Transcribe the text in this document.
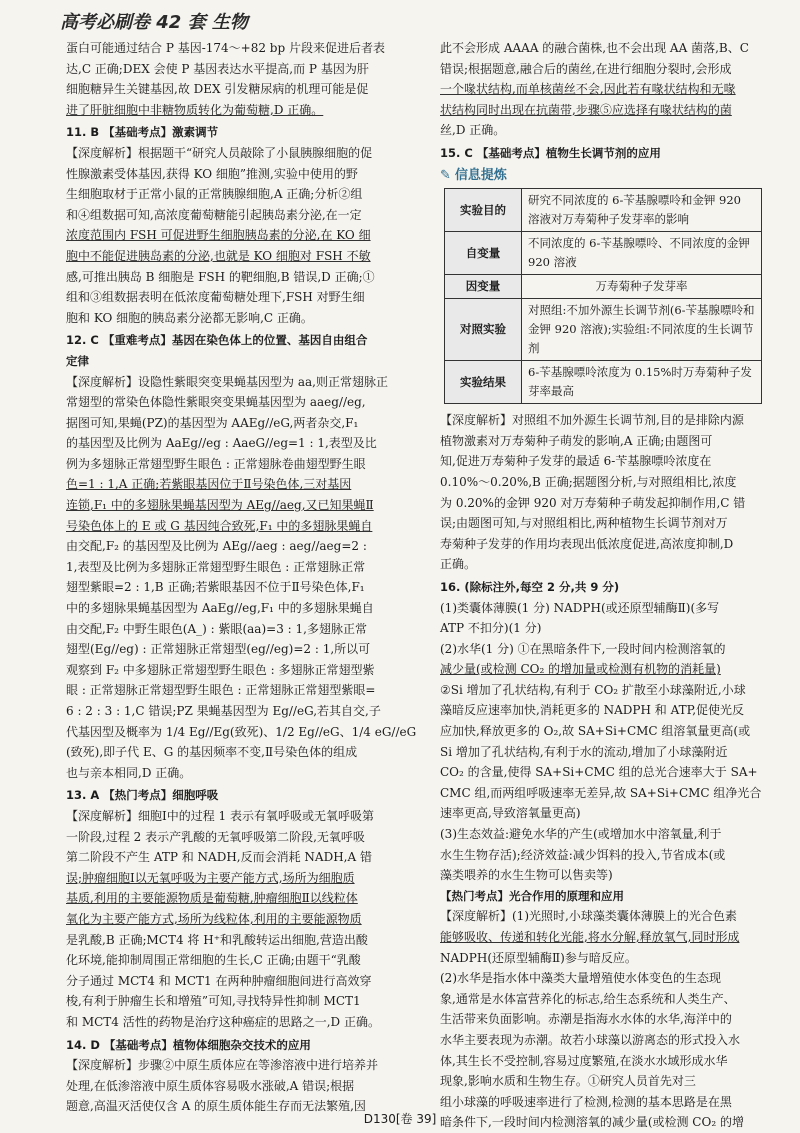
高考必刷卷 42 套 生物

蛋白可能通过结合 P 基因-174～+82 bp 片段来促进后者表

达,C 正确;DEX 会使 P 基因表达水平提高,而 P 基因为肝

细胞糖异生关键基因,故 DEX 引发糖尿病的机理可能是促

进了肝脏细胞中非糖物质转化为葡萄糖,D 正确。

11. B 【基础考点】激素调节

【深度解析】根据题干“研究人员敲除了小鼠胰腺细胞的促

性腺激素受体基因,获得 KO 细胞”推测,实验中使用的野

生细胞取材于正常小鼠的正常胰腺细胞,A 正确;分析②组

和④组数据可知,高浓度葡萄糖能引起胰岛素分泌,在一定

浓度范围内 FSH 可促进野生细胞胰岛素的分泌,在 KO 细

胞中不能促进胰岛素的分泌,也就是 KO 细胞对 FSH 不敏

感,可推出胰岛 B 细胞是 FSH 的靶细胞,B 错误,D 正确;①

组和③组数据表明在低浓度葡萄糖处理下,FSH 对野生细

胞和 KO 细胞的胰岛素分泌都无影响,C 正确。

12. C 【重难考点】基因在染色体上的位置、基因自由组合

定律

【深度解析】设隐性紫眼突变果蝇基因型为 aa,则正常翅脉正

常翅型的常染色体隐性紫眼突变果蝇基因型为 aaeg//eg,

据图可知,果蝇(PZ)的基因型为 AAEg//eG,两者杂交,F₁

的基因型及比例为 AaEg//eg : AaeG//eg=1 : 1,表型及比

例为多翅脉正常翅型野生眼色 : 正常翅脉卷曲翅型野生眼

色=1 : 1,A 正确;若紫眼基因位于Ⅱ号染色体,三对基因

连锁,F₁ 中的多翅脉果蝇基因型为 AEg//aeg,又已知果蝇Ⅱ

号染色体上的 E 或 G 基因纯合致死,F₁ 中的多翅脉果蝇自

由交配,F₂ 的基因型及比例为 AEg//aeg : aeg//aeg=2 :

1,表型及比例为多翅脉正常翅型野生眼色 : 正常翅脉正常

翅型紫眼=2 : 1,B 正确;若紫眼基因不位于Ⅱ号染色体,F₁

中的多翅脉果蝇基因型为 AaEg//eg,F₁ 中的多翅脉果蝇自

由交配,F₂ 中野生眼色(A_) : 紫眼(aa)=3 : 1,多翅脉正常

翅型(Eg//eg) : 正常翅脉正常翅型(eg//eg)=2 : 1,所以可

观察到 F₂ 中多翅脉正常翅型野生眼色 : 多翅脉正常翅型紫

眼 : 正常翅脉正常翅型野生眼色 : 正常翅脉正常翅型紫眼=

6 : 2 : 3 : 1,C 错误;PZ 果蝇基因型为 Eg//eG,若其自交,子

代基因型及概率为 1/4 Eg//Eg(致死)、1/2 Eg//eG、1/4 eG//eG

(致死),即子代 E、G 的基因频率不变,Ⅱ号染色体的组成

也与亲本相同,D 正确。

13. A 【热门考点】细胞呼吸

【深度解析】细胞Ⅰ中的过程 1 表示有氧呼吸或无氧呼吸第

一阶段,过程 2 表示产乳酸的无氧呼吸第二阶段,无氧呼吸

第二阶段不产生 ATP 和 NADH,反而会消耗 NADH,A 错

误;肿瘤细胞Ⅰ以无氧呼吸为主要产能方式,场所为细胞质

基质,利用的主要能源物质是葡萄糖,肿瘤细胞Ⅱ以线粒体

氧化为主要产能方式,场所为线粒体,利用的主要能源物质

是乳酸,B 正确;MCT4 将 H⁺和乳酸转运出细胞,营造出酸

化环境,能抑制周围正常细胞的生长,C 正确;由题干“乳酸

分子通过 MCT4 和 MCT1 在两种肿瘤细胞间进行高效穿

梭,有利于肿瘤生长和增殖”可知,寻找特异性抑制 MCT1

和 MCT4 活性的药物是治疗这种癌症的思路之一,D 正确。

14. D 【基础考点】植物体细胞杂交技术的应用

【深度解析】步骤②中原生质体应在等渗溶液中进行培养并

处理,在低渗溶液中原生质体容易吸水涨破,A 错误;根据

题意,高温灭活使仅含 A 的原生质体能生存而无法繁殖,因

此不会形成 AAAA 的融合菌株,也不会出现 AA 菌落,B、C

错误;根据题意,融合后的菌丝,在进行细胞分裂时,会形成

一个喙状结构,而单核菌丝不会,因此若有喙状结构和无喙

状结构同时出现在抗菌带,步骤⑤应选择有喙状结构的菌

丝,D 正确。

15. C 【基础考点】植物生长调节剂的应用

✎ 信息提炼
实验目的	研究不同浓度的 6-苄基腺嘌呤和金钾 920 溶液对万寿菊种子发芽率的影响
自变量	不同浓度的 6-苄基腺嘌呤、不同浓度的金钾 920 溶液
因变量	万寿菊种子发芽率
对照实验	对照组:不加外源生长调节剂(6-苄基腺嘌呤和金钾 920 溶液);实验组:不同浓度的生长调节剂
实验结果	6-苄基腺嘌呤浓度为 0.15%时万寿菊种子发芽率最高

【深度解析】对照组不加外源生长调节剂,目的是排除内源

植物激素对万寿菊种子萌发的影响,A 正确;由题图可

知,促进万寿菊种子发芽的最适 6-苄基腺嘌呤浓度在

0.10%～0.20%,B 正确;据题图分析,与对照组相比,浓度

为 0.20%的金钾 920 对万寿菊种子萌发起抑制作用,C 错

误;由题图可知,与对照组相比,两种植物生长调节剂对万

寿菊种子发芽的作用均表现出低浓度促进,高浓度抑制,D

正确。

16. (除标注外,每空 2 分,共 9 分)

(1)类囊体薄膜(1 分) NADPH(或还原型辅酶Ⅱ)(多写

ATP 不扣分)(1 分)

(2)水华(1 分) ①在黑暗条件下,一段时间内检测溶氧的

减少量(或检测 CO₂ 的增加量或检测有机物的消耗量)

②Si 增加了孔状结构,有利于 CO₂ 扩散至小球藻附近,小球

藻暗反应速率加快,消耗更多的 NADPH 和 ATP,促使光反

应加快,释放更多的 O₂,故 SA+Si+CMC 组溶氧量更高(或

Si 增加了孔状结构,有利于水的流动,增加了小球藻附近

CO₂ 的含量,使得 SA+Si+CMC 组的总光合速率大于 SA+

CMC 组,而两组呼吸速率无差异,故 SA+Si+CMC 组净光合

速率更高,导致溶氧量更高)

(3)生态效益:避免水华的产生(或增加水中溶氧量,利于

水生生物存活);经济效益:减少饵料的投入,节省成本(或

藻类喂养的水生生物可以售卖等)

【热门考点】光合作用的原理和应用

【深度解析】(1)光照时,小球藻类囊体薄膜上的光合色素

能够吸收、传递和转化光能,将水分解,释放氧气,同时形成

NADPH(还原型辅酶Ⅱ)参与暗反应。

(2)水华是指水体中藻类大量增殖使水体变色的生态现

象,通常是水体富营养化的标志,给生态系统和人类生产、

生活带来负面影响。赤潮是指海水水体的水华,海洋中的

水华主要表现为赤潮。故若小球藻以游离态的形式投入水

体,其生长不受控制,容易过度繁殖,在淡水水域形成水华

现象,影响水质和生物生存。①研究人员首先对三

组小球藻的呼吸速率进行了检测,检测的基本思路是在黑

暗条件下,一段时间内检测溶氧的减少量(或检测 CO₂ 的增

D130[卷 39]
